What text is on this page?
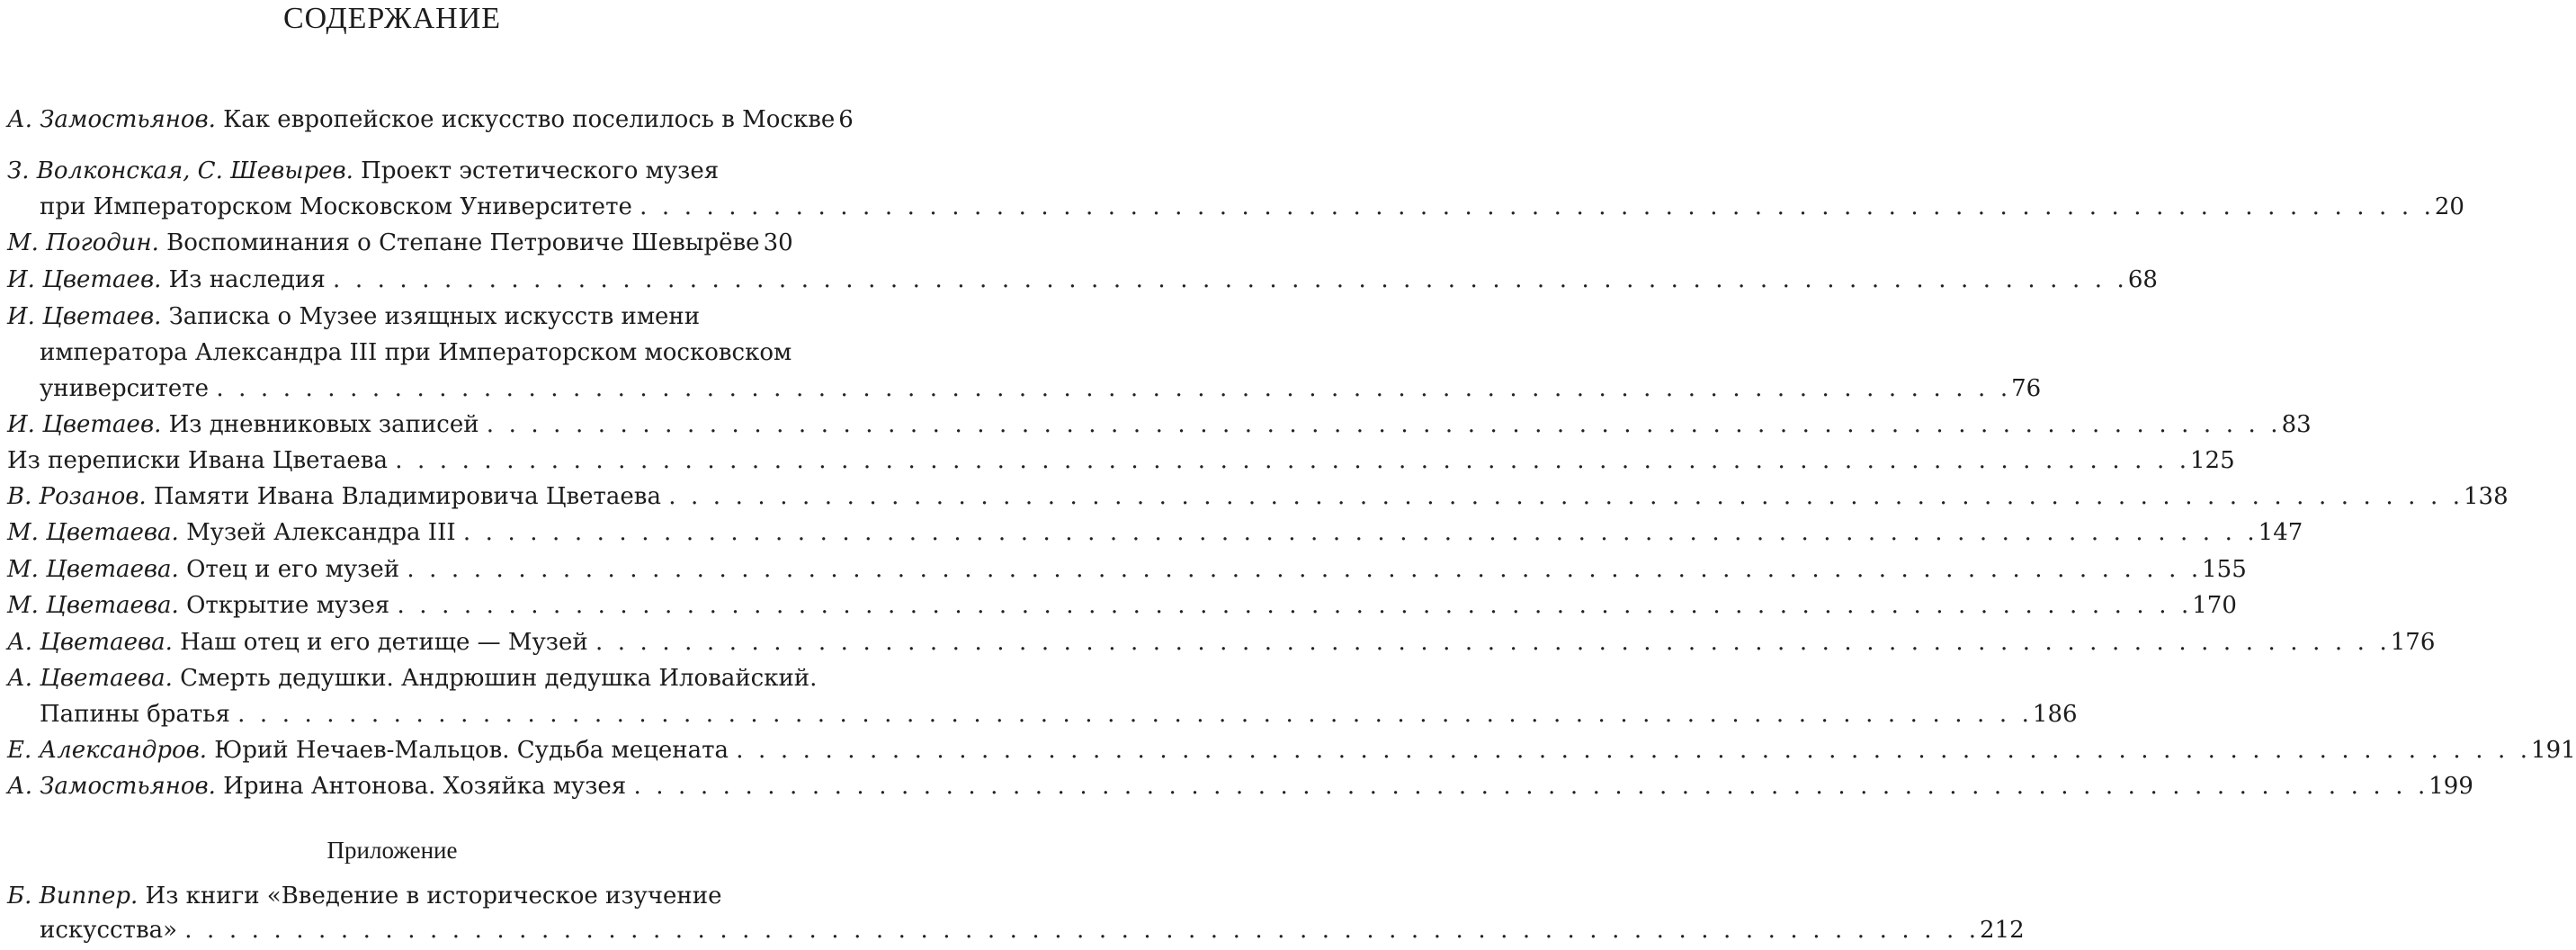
СОДЕРЖАНИЕ
А. Замостьянов. Как европейское искусство поселилось в Москве 6
З. Волконская, С. Шевырев. Проект эстетического музея
при Императорском Московском Университете . .	20
М. Погодин. Воспоминания о Степане Петровиче Шевырёве 30
И. Цветаев. Из наследия . .	68
И. Цветаев. Записка о Музее изящных искусств имени
императора Александра III при Императорском московском
университете . .	76
И. Цветаев. Из дневниковых записей . .	83
Из переписки Ивана Цветаева . .	125
В. Розанов. Памяти Ивана Владимировича Цветаева . .	138
М. Цветаева. Музей Александра III . .	147
М. Цветаева. Отец и его музей . .	155
М. Цветаева. Открытие музея . .	170
А. Цветаева. Наш отец и его детище — Музей . .	176
А. Цветаева. Смерть дедушки. Андрюшин дедушка Иловайский.
Папины братья . .	186
Е. Александров. Юрий Нечаев-Мальцов. Судьба мецената . .	191
А. Замостьянов. Ирина Антонова. Хозяйка музея . .	199
Приложение
Б. Виппер. Из книги «Введение в историческое изучение
искусства» . .	212
